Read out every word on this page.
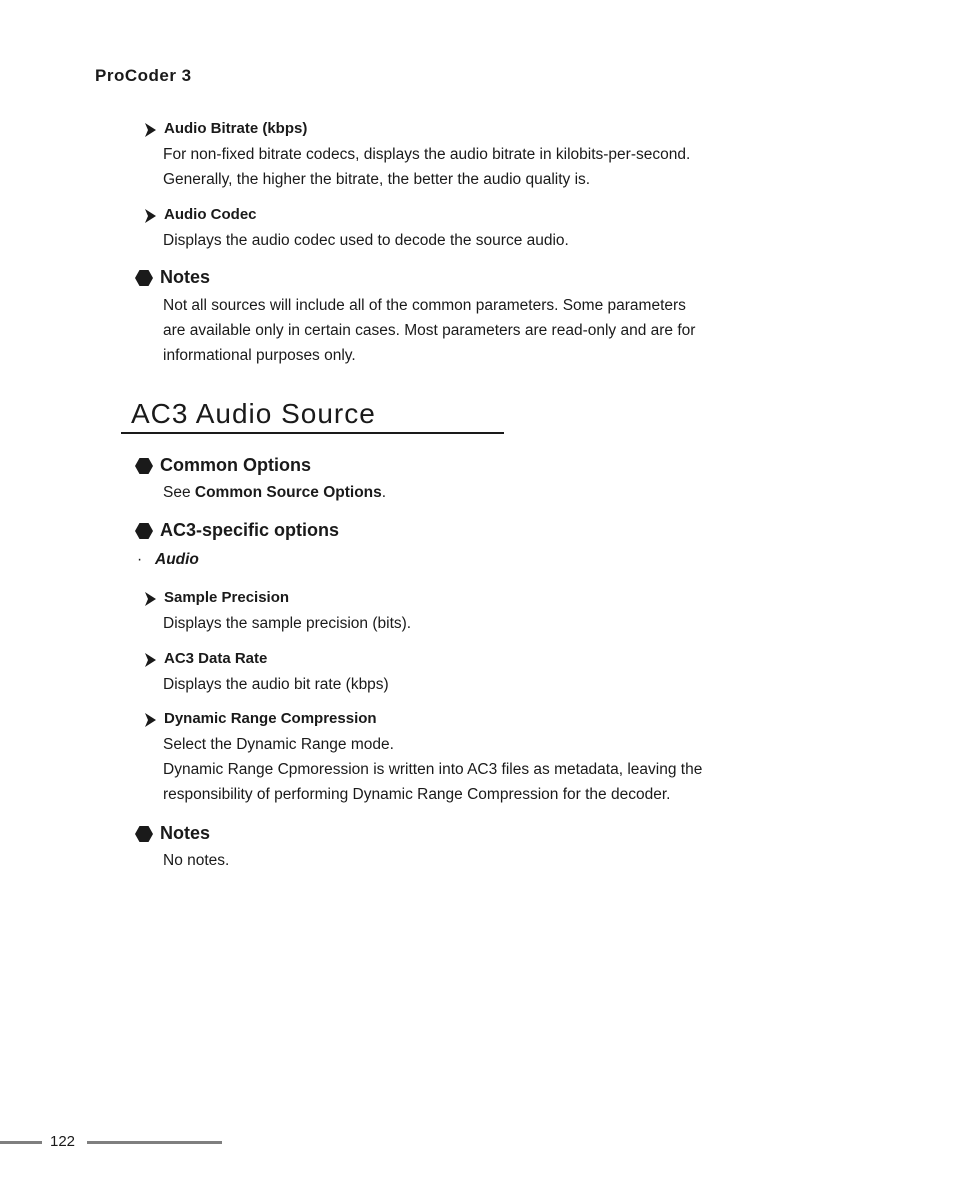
ProCoder 3
Audio Bitrate (kbps)
For non-fixed bitrate codecs, displays the audio bitrate in kilobits-per-second.
Generally, the higher the bitrate, the better the audio quality is.
Audio Codec
Displays the audio codec used to decode the source audio.
Notes
Not all sources will include all of the common parameters. Some parameters
are available only in certain cases. Most parameters are read-only and are for
informational purposes only.
AC3 Audio Source
Common Options
See Common Source Options.
AC3-specific options
· Audio
Sample Precision
Displays the sample precision (bits).
AC3 Data Rate
Displays the audio bit rate (kbps)
Dynamic Range Compression
Select the Dynamic Range mode.
Dynamic Range Cpmoression is written into AC3 files as metadata, leaving the
responsibility of performing Dynamic Range Compression for the decoder.
Notes
No notes.
122
